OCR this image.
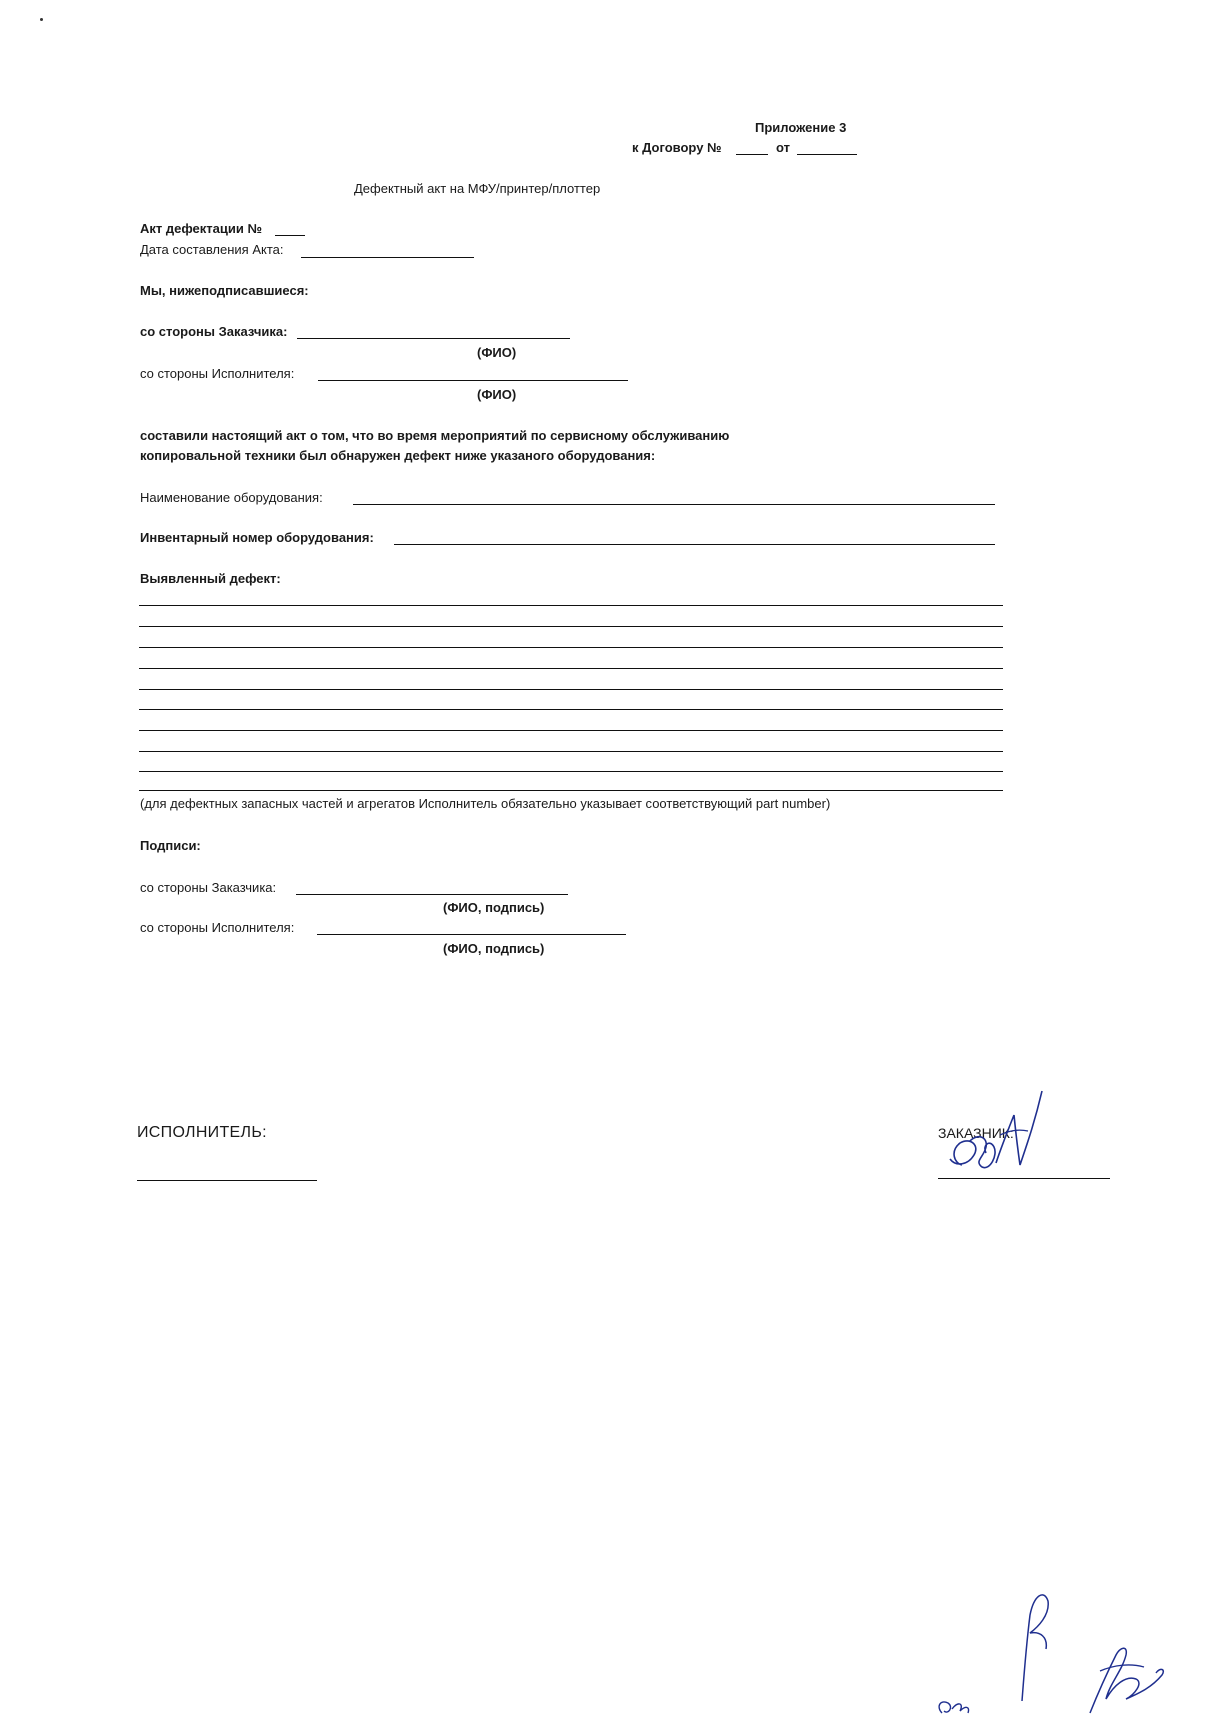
Приложение 3
к Договору №	от
Дефектный акт на МФУ/принтер/плоттер
Акт дефектации №
Дата составления Акта:
Мы, нижеподписавшиеся:
со стороны Заказчика:
(ФИО)
со стороны Исполнителя:
(ФИО)
составили настоящий акт о том, что во время мероприятий по сервисному обслуживанию
копировальной техники был обнаружен дефект ниже указаного оборудования:
Наименование оборудования:
Инвентарный номер оборудования:
Выявленный дефект:
(для дефектных запасных частей и агрегатов Исполнитель обязательно указывает соответствующий part number)
Подписи:
со стороны Заказчика:
(ФИО, подпись)
со стороны Исполнителя:
(ФИО, подпись)
ИСПОЛНИТЕЛЬ:	ЗАКАЗНИК:
